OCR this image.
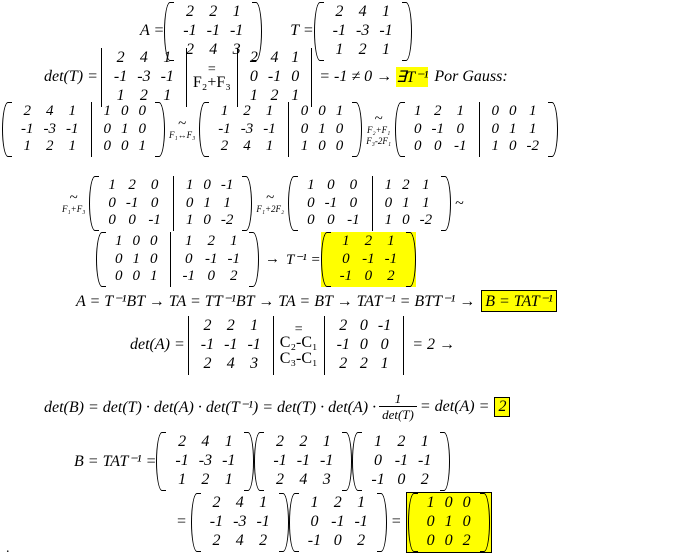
A =
2 2 1
-1 -1 -1
2 4 3
T =
2 4 1
-1 -3 -1
1 2 1
det(T) =
2 4 1
-1 -3 -1
1 2 1
=
F₂+F₃
2 4 1
0 -1 0
1 2 1
= -1 ≠ 0 → ∃T⁻¹ Por Gauss:
2	4	1
-1 -3 -1
1	2	1
1 0 0
0 1 0
0 0 1
~
F₁↔F₃
1	2	1
-1 -3 -1
2	4	1
0 0 1
0 1 0
1 0 0
~
F₂+F₁
F₃-2F₁
1 2	1
0 -1 0
0 0 -1
0 0 1
0 1 1
1 0 -2
~
F₁+F₃
1 2	0
0 -1 0
0 0 -1
1 0 -1
0 1 1
1 0 -2
~
F₁+2F₂
1 0	0
0 -1 0
0 0 -1
1 2 1
0 1 1
1 0 -2
~
1 0 0
0 1 0
0 0 1
1	2	1
0 -1 -1
-1 0	2
→ T⁻¹ =
1	2	1
0 -1 -1
-1 0	2
A = T⁻¹BT → TA = TT⁻¹BT → TA = BT → TAT⁻¹ = BTT⁻¹ → B = TAT⁻¹
det(A) =
2 2 1
-1 -1 -1
2 4 3
=
C₂-C₁
C₃-C₁
2 0 -1
-1 0 0
2 2 1
= 2 →
$\det(B) = \det(T) \cdot \det(A) \cdot \det(T^{-1}) = \det(T) \cdot \det(A) \cdot \frac{1}{\det(T)} = \det(A) = 2$
B = TAT⁻¹ =
2 4 1
-1 -3 -1
1 2 1
2 2 1
-1 -1 -1
2 4 3
1 2 1
0 -1 -1
-1 0 2
=
2 4 1
-1 -3 -1
2 4 2
1 2 1
0 -1 -1
-1 0 2
=
1 0 0
0 1 0
0 0 2
.
